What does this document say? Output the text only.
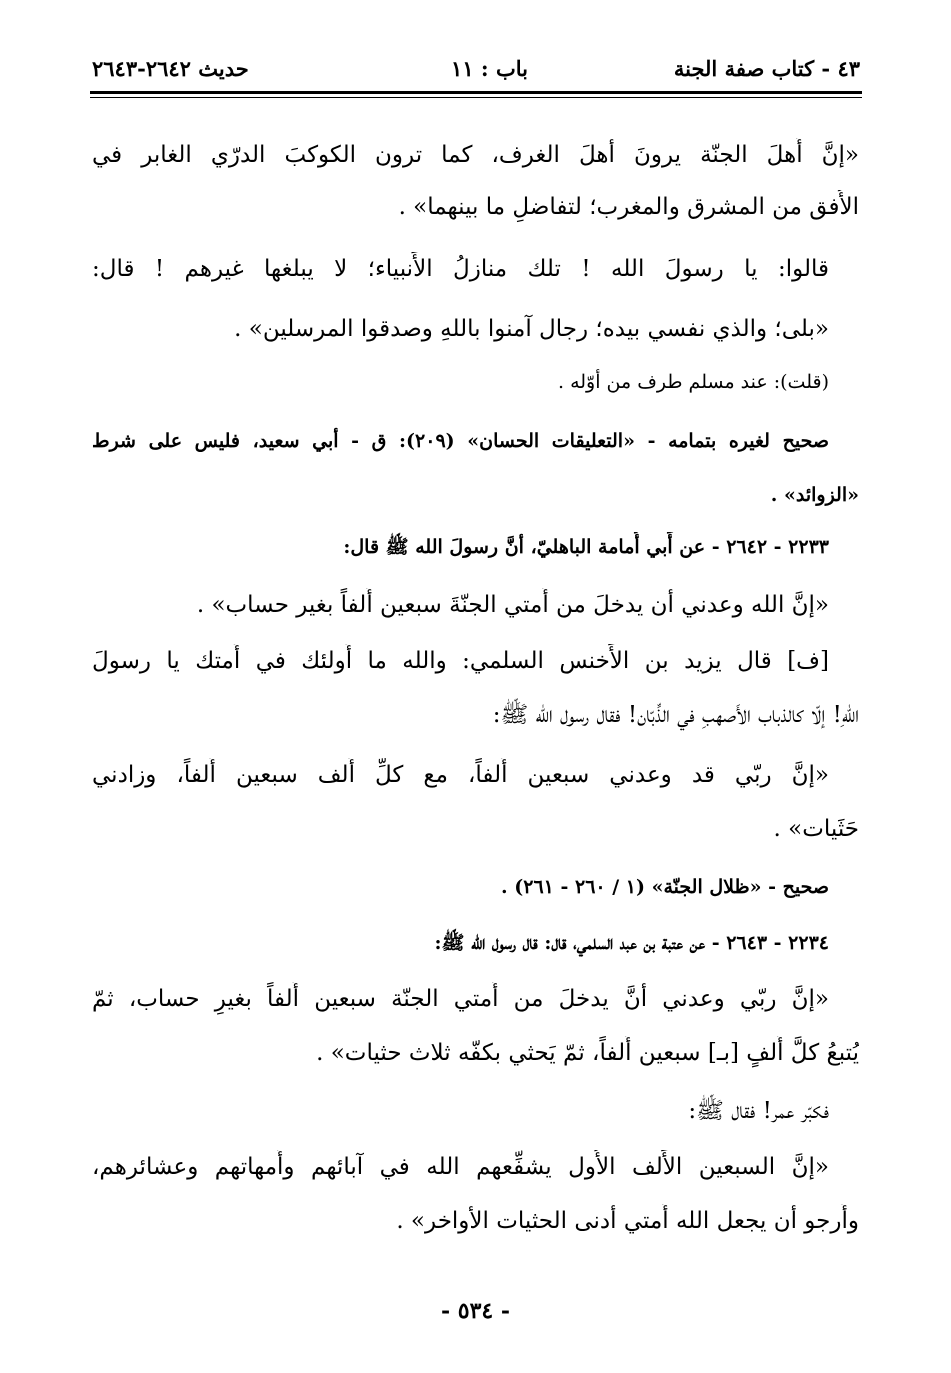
٤٣ - كتاب صفة الجنة
باب : ١١
حديث ٢٦٤٢-٢٦٤٣
«إنَّ أَهلَ الجنّة يرونَ أهلَ الغرف، كما ترون الكوكبَ الدرّي الغابر في
الأُفق من المشرق والمغرب؛ لتفاضلِ ما بينهما» .
قالوا: يا رسولَ الله ! تلك منازلُ الأَنبياء؛ لا يبلغها غيرهم ! قال:
«بلى؛ والذي نفسي بيده؛ رجال آمنوا باللهِ وصدقوا المرسلين» .
(قلت): عند مسلم طرف من أوّله .
صحيح لغيره بتمامه - «التعليقات الحسان» (٢٠٩): ق - أبي سعيد، فليس على شرط
«الزوائد» .
٢٢٣٣ - ٢٦٤٢ - عن أَبي أُمامة الباهليّ، أنَّ رسولَ الله ﷺ قال:
«إنَّ الله وعدني أن يدخلَ من أُمتي الجنّةَ سبعين أَلفاً بغير حساب» .
[ف] قال يزيد بن الأَخنس السلمي: والله ما أُولئك في أُمتك يا رسولَ
اللهِ! إلّا كالذباب الأَصهبِ في الذِّبّان! فقال رسول الله ﷺ:
«إنَّ ربّي قد وعدني سبعين أَلفاً، مع كلِّ أَلف سبعين أَلفاً، وزادني
حَثَيات» .
صحيح - «ظلال الجنّة» (١ / ٢٦٠ - ٢٦١) .
٢٢٣٤ - ٢٦٤٣ - عن عتبة بن عبد السلمي، قال: قال رسول الله ﷺ:
«إنَّ ربّي وعدني أنَّ يدخلَ من أُمتي الجنّة سبعين أَلفاً بغيرِ حساب، ثمّ
يُتبعُ كلَّ أَلفٍ [بـ] سبعين أَلفاً، ثمّ يَحثي بكفّه ثلاث حثيات» .
فكبّر عمر! فقال ﷺ:
«إنَّ السبعين الأَلف الأُول يشفِّعهم الله في آبائهم وأُمهاتهم وعشائرهم،
وأَرجو أن يجعل الله أُمتي أدنى الحثيات الأواخر» .
- ٥٣٤ -
